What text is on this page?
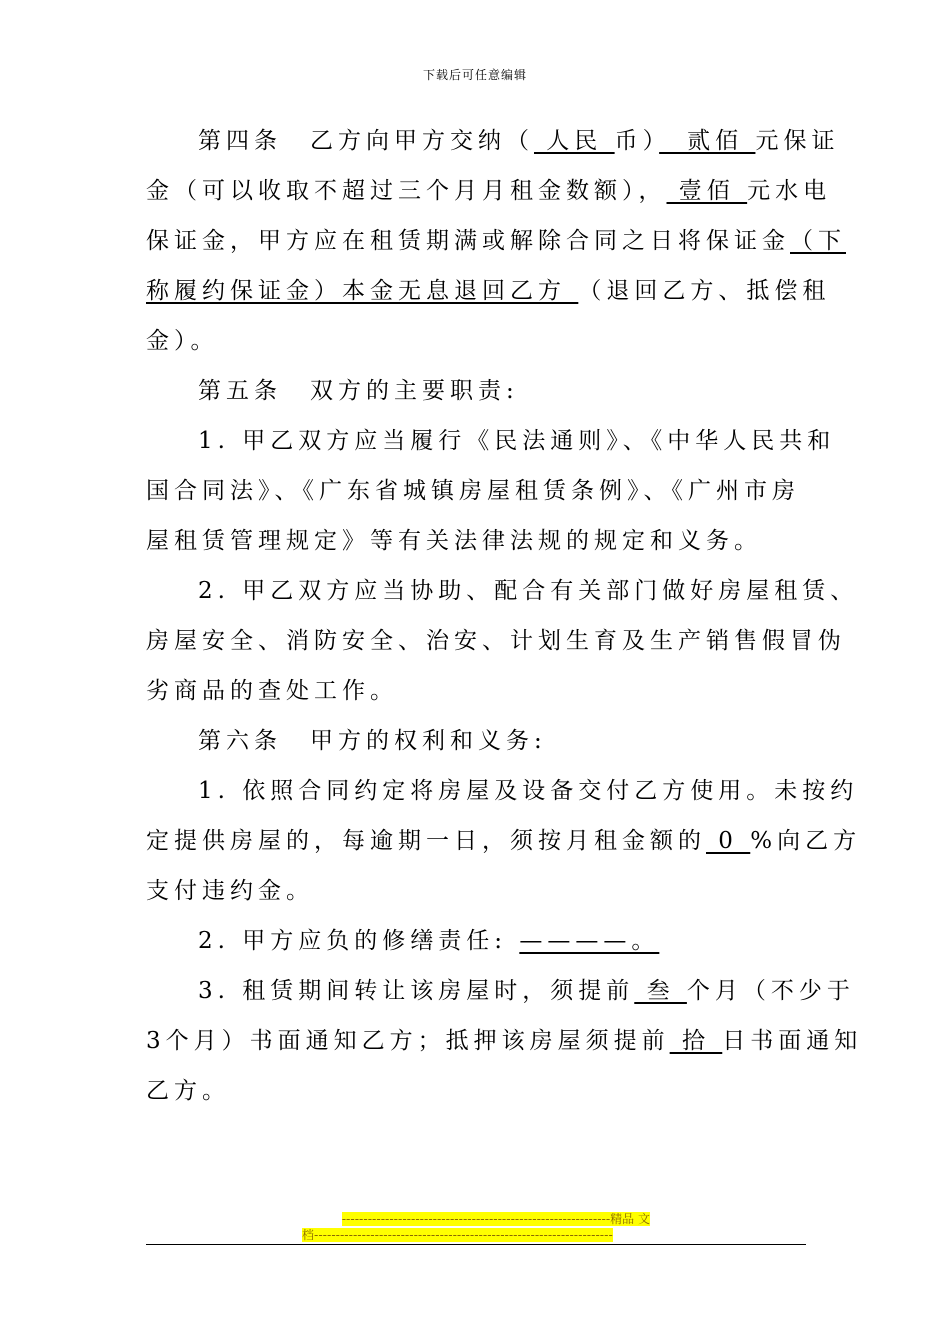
下载后可任意编辑
第四条　乙方向甲方交纳（ 人民 币）　贰佰 元保证
金（可以收取不超过三个月月租金数额）， 壹佰 元水电
保证金，甲方应在租赁期满或解除合同之日将保证金（下
称履约保证金）本金无息退回乙方 （退回乙方、抵偿租
金）。
第五条　双方的主要职责:
1. 甲乙双方应当履行《民法通则》、《中华人民共和
国合同法》、《广东省城镇房屋租赁条例》、《广州市房
屋租赁管理规定》等有关法律法规的规定和义务。
2. 甲乙双方应当协助、配合有关部门做好房屋租赁、
房屋安全、消防安全、治安、计划生育及生产销售假冒伪
劣商品的查处工作。
第六条　甲方的权利和义务:
1. 依照合同约定将房屋及设备交付乙方使用。未按约
定提供房屋的，每逾期一日，须按月租金额的 0 %向乙方
支付违约金。
2. 甲方应负的修缮责任: ————。
3. 租赁期间转让该房屋时，须提前 叁 个月（不少于
3个月）书面通知乙方；抵押该房屋须提前 拾 日书面通知
乙方。
--------------------------------------------------------------精品 文
档---------------------------------------------------------------------
